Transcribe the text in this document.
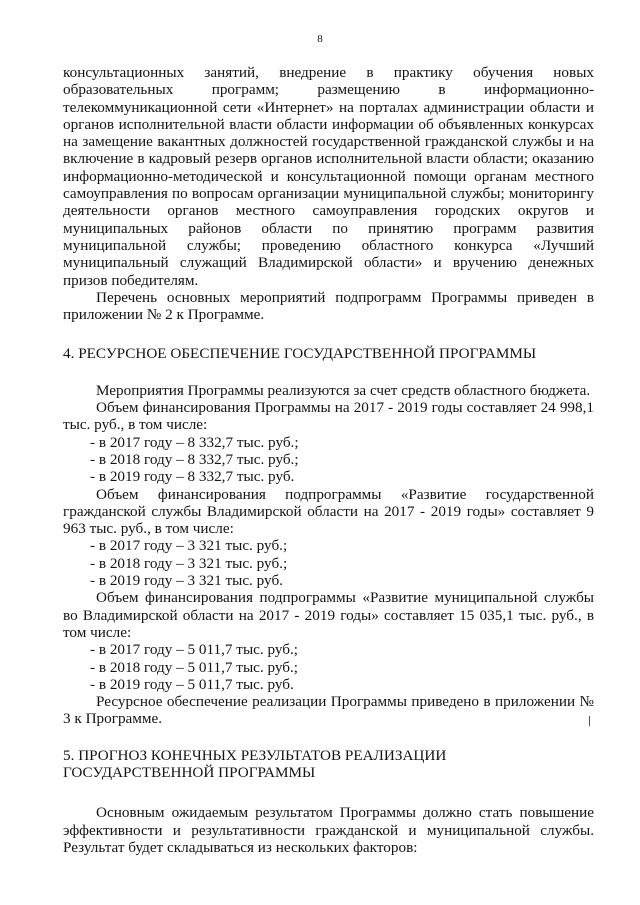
8

консультационных занятий, внедрение в практику обучения новых образовательных программ; размещению в информационно-телекоммуникационной сети «Интернет» на порталах администрации области и органов исполнительной власти области информации об объявленных конкурсах на замещение вакантных должностей государственной гражданской службы и на включение в кадровый резерв органов исполнительной власти области; оказанию информационно-методической и консультационной помощи органам местного самоуправления по вопросам организации муниципальной службы; мониторингу деятельности органов местного самоуправления городских округов и муниципальных районов области по принятию программ развития муниципальной службы; проведению областного конкурса «Лучший муниципальный служащий Владимирской области» и вручению денежных призов победителям.

Перечень основных мероприятий подпрограмм Программы приведен в приложении № 2 к Программе.

4. РЕСУРСНОЕ ОБЕСПЕЧЕНИЕ ГОСУДАРСТВЕННОЙ ПРОГРАММЫ

Мероприятия Программы реализуются за счет средств областного бюджета.

Объем финансирования Программы на 2017 - 2019 годы составляет 24 998,1 тыс. руб., в том числе:

- в 2017 году – 8 332,7 тыс. руб.;

- в 2018 году – 8 332,7 тыс. руб.;

- в 2019 году – 8 332,7 тыс. руб.

Объем финансирования подпрограммы «Развитие государственной гражданской службы Владимирской области на 2017 - 2019 годы» составляет 9 963 тыс. руб., в том числе:

- в 2017 году – 3 321 тыс. руб.;

- в 2018 году – 3 321 тыс. руб.;

- в 2019 году – 3 321 тыс. руб.

Объем финансирования подпрограммы «Развитие муниципальной службы во Владимирской области на 2017 - 2019 годы» составляет 15 035,1 тыс. руб., в том числе:

- в 2017 году – 5 011,7 тыс. руб.;

- в 2018 году – 5 011,7 тыс. руб.;

- в 2019 году – 5 011,7 тыс. руб.

Ресурсное обеспечение реализации Программы приведено в приложении № 3 к Программе.

5. ПРОГНОЗ КОНЕЧНЫХ РЕЗУЛЬТАТОВ РЕАЛИЗАЦИИ

ГОСУДАРСТВЕННОЙ ПРОГРАММЫ

Основным ожидаемым результатом Программы должно стать повышение эффективности и результативности гражданской и муниципальной службы. Результат будет складываться из нескольких факторов:
